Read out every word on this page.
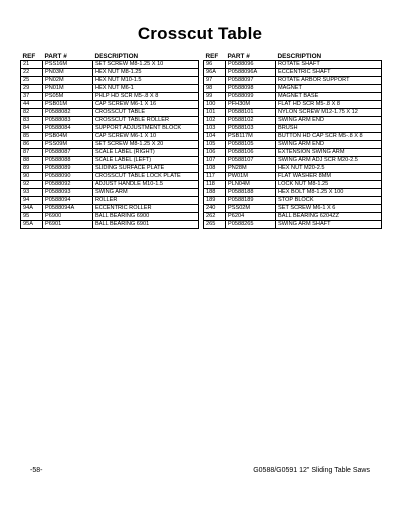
Crosscut Table
REF	PART #	DESCRIPTION
21	PSS16M	SET SCREW M8-1.25 X 10
22	PN03M	HEX NUT M8-1.25
25	PN02M	HEX NUT M10-1.5
29	PN01M	HEX NUT M6-1
37	PS05M	PHLP HD SCR M5-.8 X 8
44	PSB01M	CAP SCREW M6-1 X 16
82	P0588082	CROSSCUT TABLE
83	P0588083	CROSSCUT TABLE ROLLER
84	P0588084	SUPPORT ADJUSTMENT BLOCK
85	PSB04M	CAP SCREW M6-1 X 10
86	PSS09M	SET SCREW M8-1.25 X 20
87	P0588087	SCALE LABEL (RIGHT)
88	P0588088	SCALE LABEL (LEFT)
89	P0588089	SLIDING SURFACE PLATE
90	P0588090	CROSSCUT TABLE LOCK PLATE
92	P0588092	ADJUST HANDLE M10-1.5
93	P0588093	SWING ARM
94	P0588094	ROLLER
94A	P0588094A	ECCENTRIC ROLLER
95	P6900	BALL BEARING 6900
95A	P6901	BALL BEARING 6901
REF	PART #	DESCRIPTION
96	P0588096	ROTATE SHAFT
96A	P0588096A	ECCENTRIC SHAFT
97	P0588097	ROTATE ARBOR SUPPORT
98	P0588098	MAGNET
99	P0588099	MAGNET BASE
100	PFH30M	FLAT HD SCR M5-.8 X 8
101	P0588101	NYLON SCREW M12-1.75 X 12
102	P0588102	SWING ARM END
103	P0588103	BRUSH
104	PSB117M	BUTTON HD CAP SCR M5-.8 X 8
105	P0588105	SWING ARM END
106	P0588106	EXTENSION SWING ARM
107	P0588107	SWING ARM ADJ SCR M20-2.5
108	PN28M	HEX NUT M20-2.5
117	PW01M	FLAT WASHER 8MM
118	PLN04M	LOCK NUT M8-1.25
188	P0588188	HEX BOLT M8-1.25 X 100
189	P0588189	STOP BLOCK
240	PSS02M	SET SCREW M6-1 X 6
262	P6204	BALL BEARING 6204ZZ
265	P0588265	SWING ARM SHAFT
-58-	G0588/G0591 12" Sliding Table Saws
